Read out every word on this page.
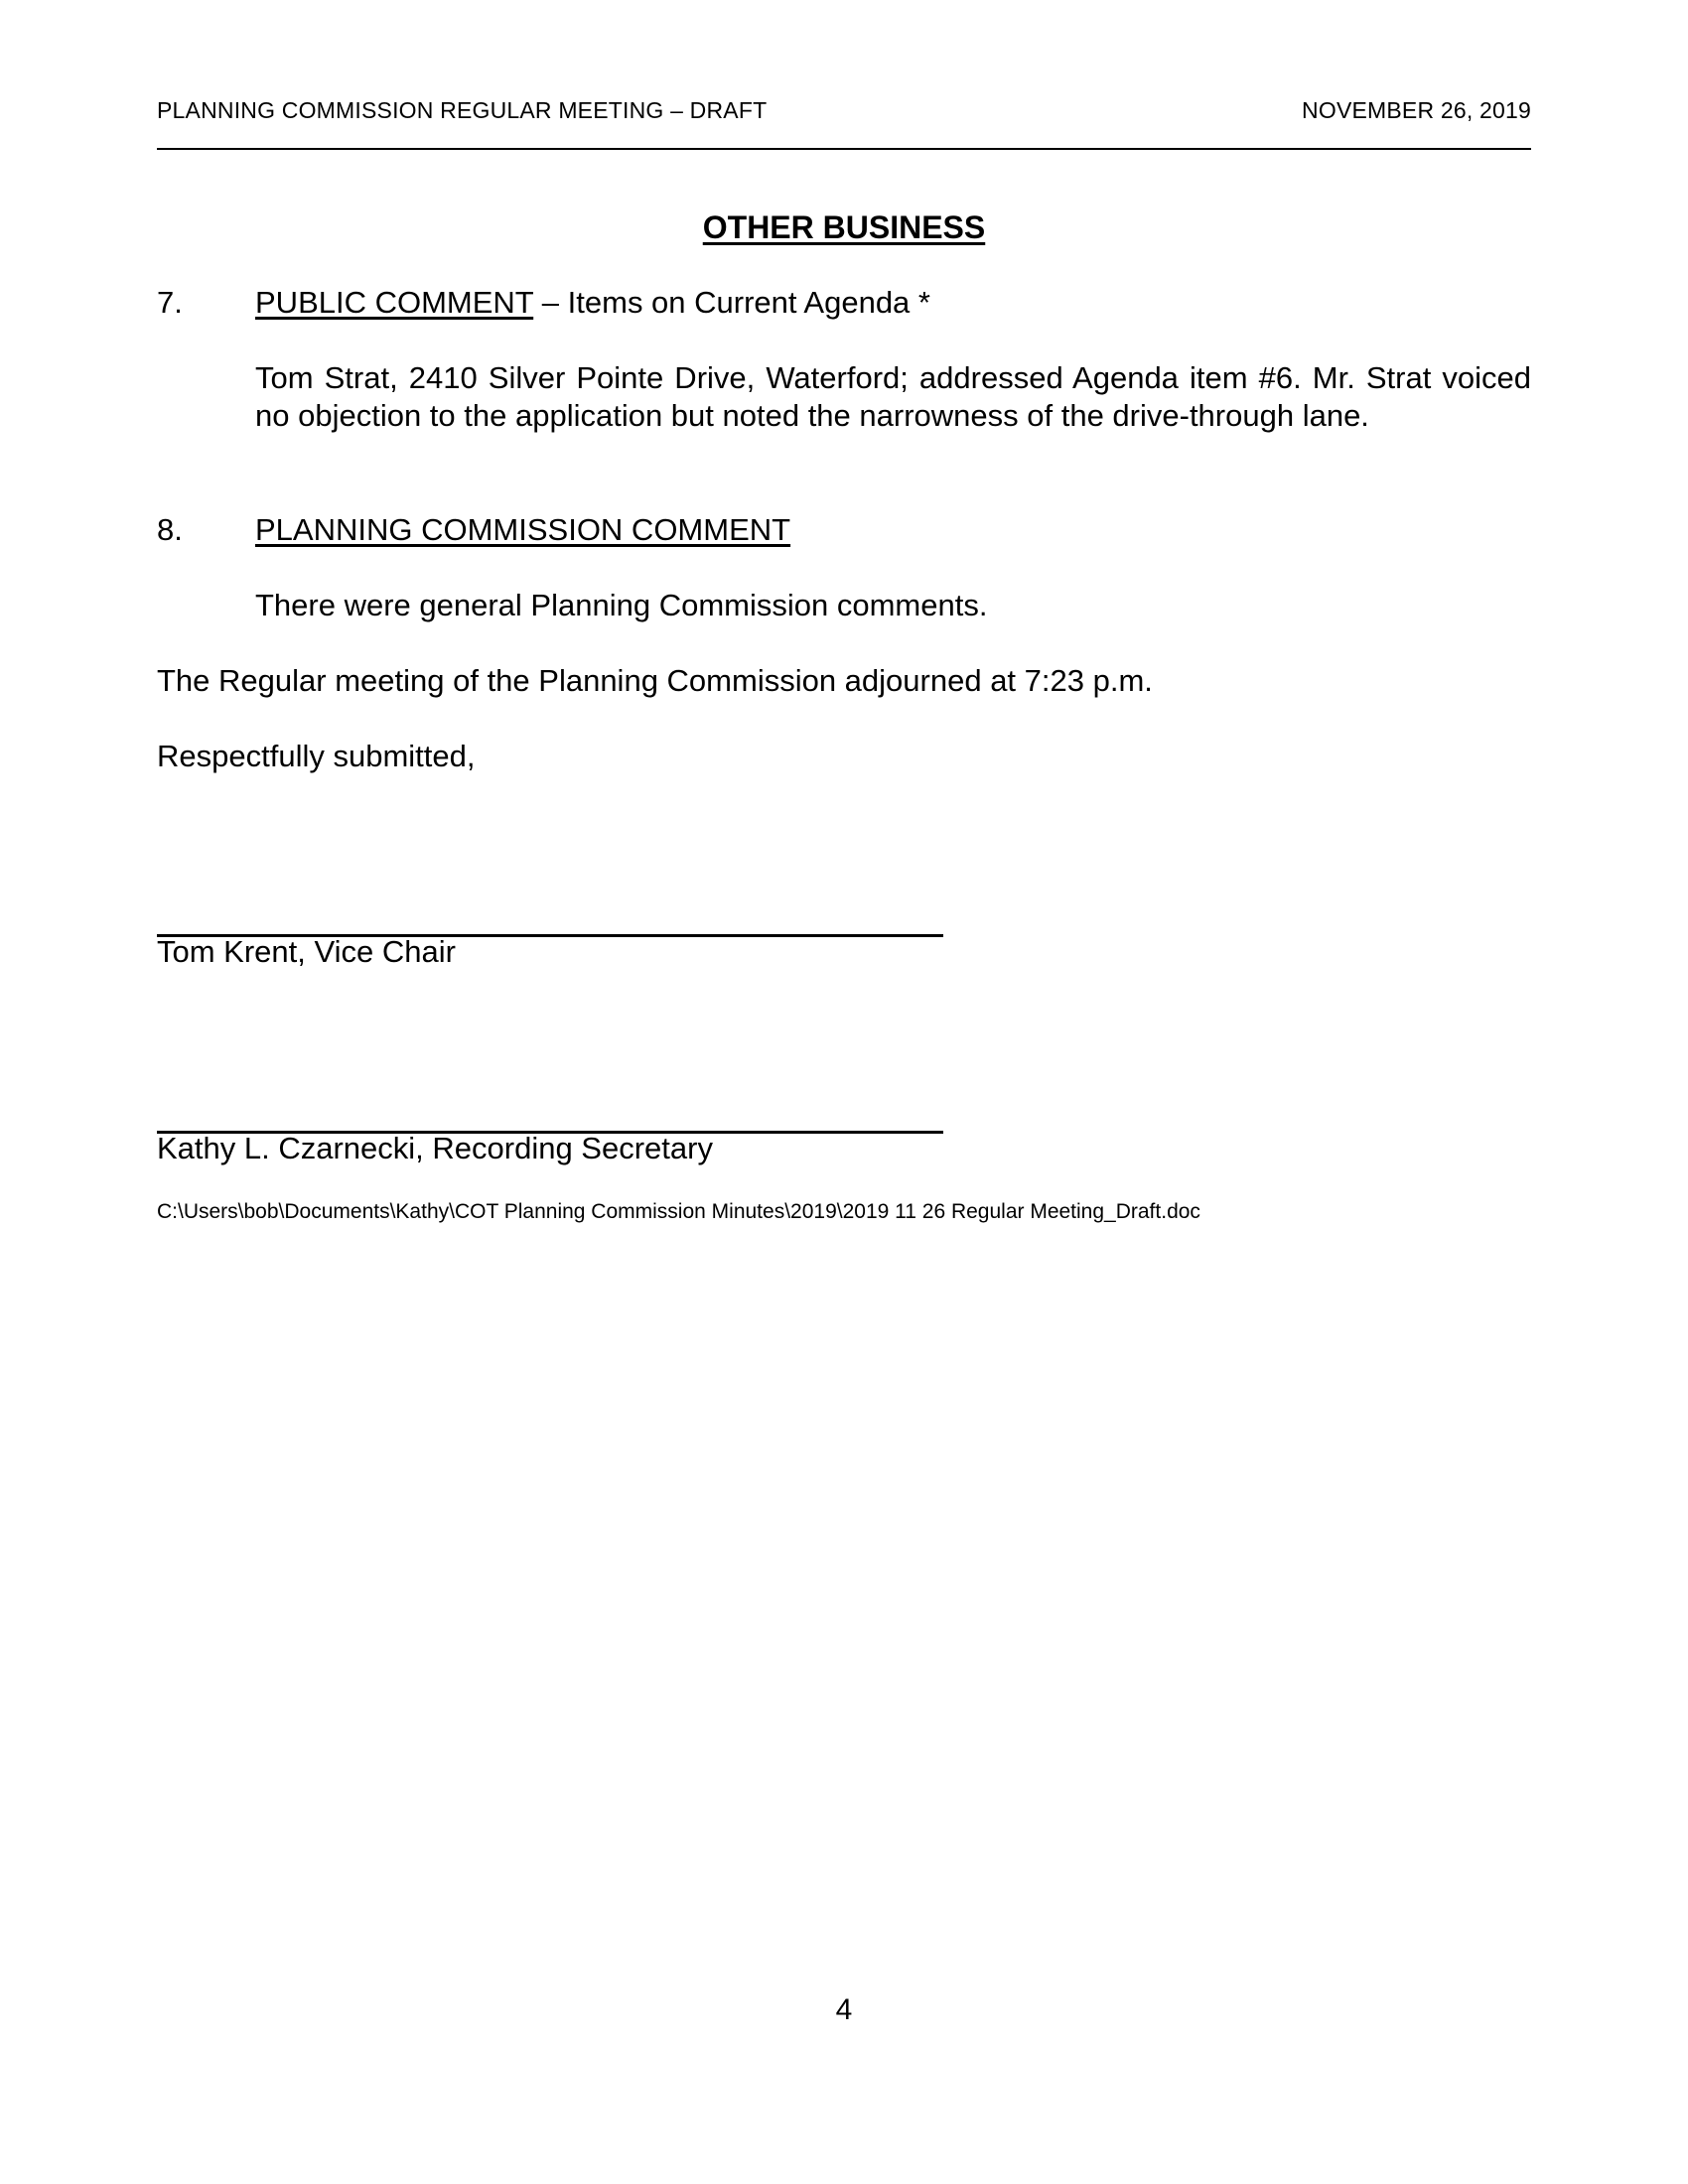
PLANNING COMMISSION REGULAR MEETING – DRAFT	NOVEMBER 26, 2019
OTHER BUSINESS
7. PUBLIC COMMENT – Items on Current Agenda *
Tom Strat, 2410 Silver Pointe Drive, Waterford; addressed Agenda item #6. Mr. Strat voiced no objection to the application but noted the narrowness of the drive-through lane.
8. PLANNING COMMISSION COMMENT
There were general Planning Commission comments.
The Regular meeting of the Planning Commission adjourned at 7:23 p.m.
Respectfully submitted,
Tom Krent, Vice Chair
Kathy L. Czarnecki, Recording Secretary
C:\Users\bob\Documents\Kathy\COT Planning Commission Minutes\2019\2019 11 26 Regular Meeting_Draft.doc
4
